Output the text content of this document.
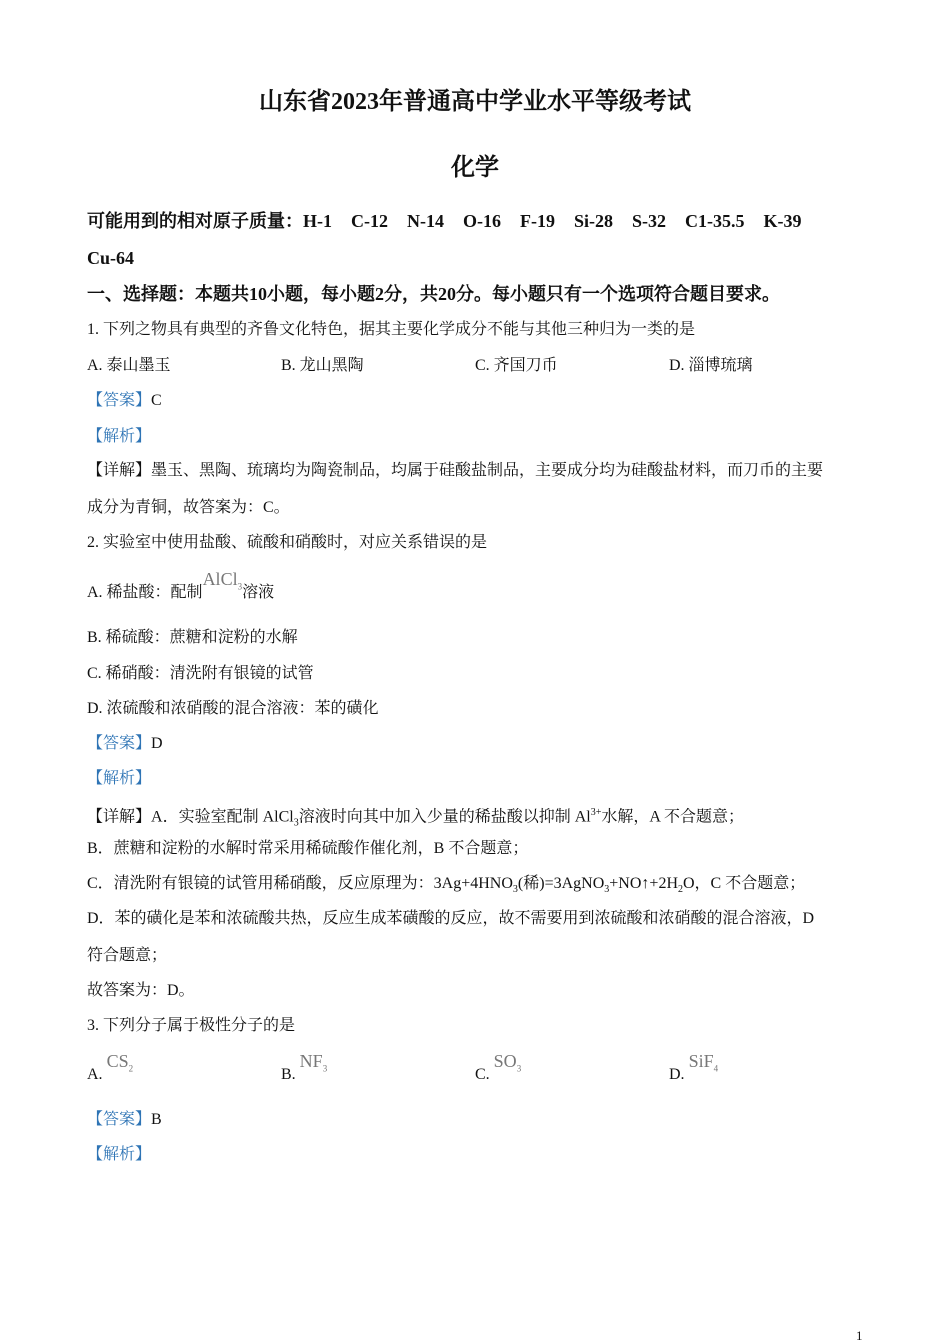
山东省2023年普通高中学业水平等级考试
化学
可能用到的相对原子质量：H-1 C-12 N-14 O-16 F-19 Si-28 S-32 C1-35.5 K-39
Cu-64
一、选择题：本题共10小题，每小题2分，共20分。每小题只有一个选项符合题目要求。
1. 下列之物具有典型的齐鲁文化特色，据其主要化学成分不能与其他三种归为一类的是
A. 泰山墨玉	B. 龙山黑陶	C. 齐国刀币	D. 淄博琉璃
【答案】C
【解析】
【详解】墨玉、黑陶、琉璃均为陶瓷制品，均属于硅酸盐制品，主要成分均为硅酸盐材料，而刀币的主要
成分为青铜，故答案为：C。
2. 实验室中使用盐酸、硫酸和硝酸时，对应关系错误的是
A. 稀盐酸：配制AlCl$_3$溶液
B. 稀硫酸：蔗糖和淀粉的水解
C. 稀硝酸：清洗附有银镜的试管
D. 浓硫酸和浓硝酸的混合溶液：苯的磺化
【答案】D
【解析】
【详解】A．实验室配制 AlCl$_3$溶液时向其中加入少量的稀盐酸以抑制 $Al^{3+}$水解，A 不合题意；
B．蔗糖和淀粉的水解时常采用稀硫酸作催化剂，B 不合题意；
C．清洗附有银镜的试管用稀硝酸，反应原理为：$3Ag+4HNO_3$(稀)$=3AgNO_3+NO↑+2H_2O$，C 不合题意；
D．苯的磺化是苯和浓硫酸共热，反应生成苯磺酸的反应，故不需要用到浓硫酸和浓硝酸的混合溶液，D
符合题意；
故答案为：D。
3. 下列分子属于极性分子的是
A. $CS_2$	B. $NF_3$	C. $SO_3$	D. SiF$_4$
【答案】B
【解析】
1
